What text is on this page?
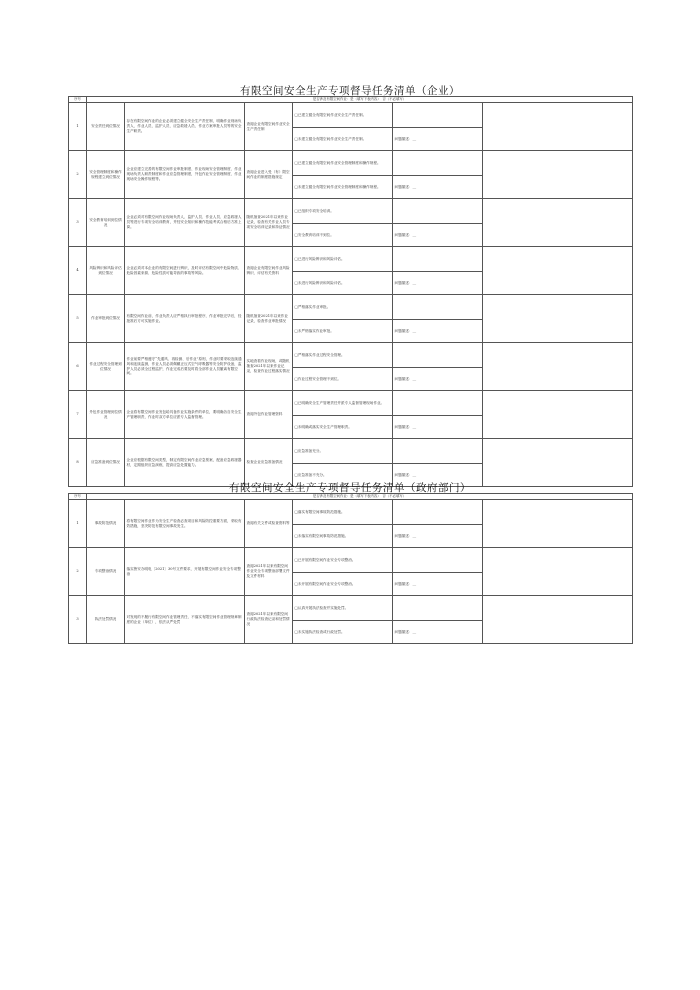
有限空间安全生产专项督导任务清单（企业）
序号	是否涉及有限空间作业：是（填写下表内容）　否（不必填写）					
1	安全责任到位情况	存在有限空间作业的企业必须建立健全安全生产责任制，明确作业现场负责人、作业人员、监护人员、应急救援人员、作业方案审批人员等的安全生产职责。	查阅企业有限空间作业安全生产责任制	□已建立健全有限空间作业安全生产责任制。		
				□未建立健全有限空间作业安全生产责任制。	问题描述：＿	
2	安全管理制度和操作规程建立到位情况	企业应建立完善的有限空间作业审批制度、作业现场安全管理制度、作业现场负责人职责制度和作业应急管理制度，外包作业安全管理制度、作业现场安全操作规程等。	查阅企业进入受（有）限空间作业的制度措施规定	□已建立健全有限空间作业安全管理制度和操作规程。		
				□未建立健全有限空间作业安全管理制度和操作规程。	问题描述：＿	
3	安全教育培训到位情况	企业必须对有限空间作业现场负责人、监护人员、作业人员、应急救援人员等进行专项安全培训教育，并经安全知识和操作技能考试合格后方准上岗。	随机抽查2021年以来作业记录，检查有关作业人员专项安全培训记录和持证情况	□已组织专项安全培训。		
				□安全教育培训不到位。	问题描述：＿	
4	风险辨识和风险评估到位情况	企业必须对本企业的有限空间进行辨识，及时评估有限空间中危险物质、危险因素来源、危险性质可能导致的事故等风险。	查阅企业有限空间作业风险辨识、评估有关资料	□已进行风险辨识和风险评估。		
				□未进行风险辨识和风险评估。	问题描述：＿	
5	作业审批到位情况	有限空间作业前，作业负责人应严格执行审批程序，作业审批完毕后，经批准后方可实施作业。	随机抽查2021年以来作业记录，检查作业审批情况	□严格落实作业审批。		
				□未严格落实作业审批。	问题描述：＿	
6	作业过程安全管理到位情况	作业前要严格遵守“先通风、再检测、后作业”原则，作业时要采取连续通风和连续监测，作业人员必须佩戴正压式空气呼吸器等安全防护设备，监护人员必须全过程监护，作业完成后要及时将全部作业人员撤离有限空间。	实地查看作业现场，或随机抽查2021年以来作业记录，检查作业过程落实情况	□严格落实作业过程安全管理。		
				□作业过程安全管理不到位。	问题描述：＿	
7	外包作业管理到位情况	企业将有限空间作业发包给具备作业实施条件的单位，要明确各自安全生产管理职责，作业时双方单位应派专人监督管理。	查阅外包作业管理资料	□已明确安全生产管理责任并派专人监督管理现场作业。		
				□未明确或落实安全生产管理职责。	问题描述：＿	
8	应急准备到位情况	企业应根据有限空间类型，制定有限空间作业应急预案，配备应急救援器材，定期组织应急演练，提高应急处置能力。	检查企业应急准备情况	□应急准备充分。		
				□应急准备不充分。	问题描述：＿	
有限空间安全生产专项督导任务清单（政府部门）
序号	是否涉及有限空间作业：是（填写下表内容）　否（不必填写）					
1	事故防范情况	将有限空间作业作为安全生产检查必查项目和风险防控重要方面，采取有效措施，坚决防范有限空间事故发生。	查阅有关文件或检查资料等	□落实有限空间事故防范措施。		
				□未落实有限空间事故防范措施。	问题描述：＿	
2	专项整治情况	落实鲁安办明电〔2021〕30号文件要求，开展有限空间作业安全专项整治	查阅2021年以来有限空间作业安全专项整治部署文件及文件材料	□已开展有限空间作业安全专项整治。		
				□未开展有限空间作业安全专项整治。	问题描述：＿	
3	执法处罚情况	对发现的不履行有限空间作业管理责任、不落实有限空间作业管理规章制度的企业（单位），依法从严处罚	查阅2021年以来有限空间行政执法检查记录和处罚情况	□认真开展执法检查并实施处罚。		
				□未实施执法检查或行政处罚。	问题描述：＿	
